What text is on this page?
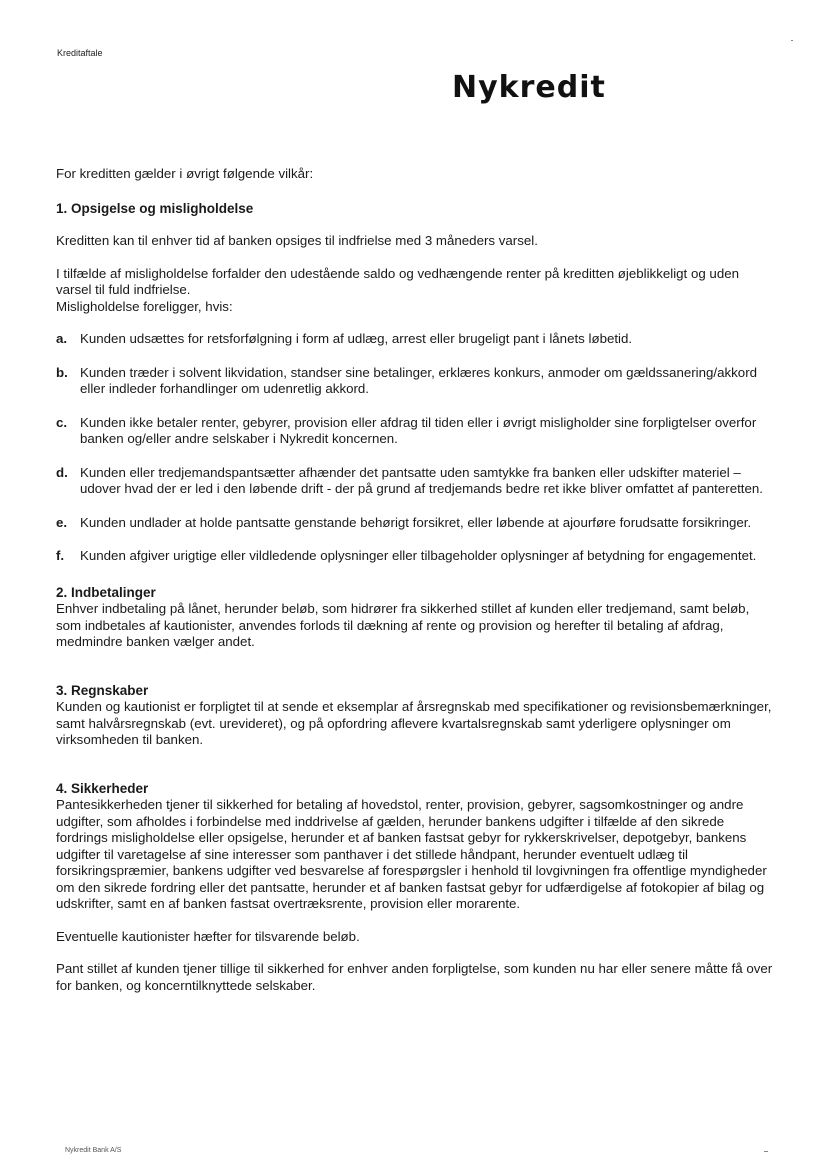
Kreditaftale
Nykredit

For kreditten gælder i øvrigt følgende vilkår:

1. Opsigelse og misligholdelse

Kreditten kan til enhver tid af banken opsiges til indfrielse med 3 måneders varsel.

I tilfælde af misligholdelse forfalder den udestående saldo og vedhængende renter på kreditten øjeblikkeligt og uden varsel til fuld indfrielse.

Misligholdelse foreligger, hvis:

a. Kunden udsættes for retsforfølgning i form af udlæg, arrest eller brugeligt pant i lånets løbetid.
b. Kunden træder i solvent likvidation, standser sine betalinger, erklæres konkurs, anmoder om gældssanering/akkord eller indleder forhandlinger om udenretlig akkord.
c. Kunden ikke betaler renter, gebyrer, provision eller afdrag til tiden eller i øvrigt misligholder sine forpligtelser overfor banken og/eller andre selskaber i Nykredit koncernen.
d. Kunden eller tredjemandspantsætter afhænder det pantsatte uden samtykke fra banken eller udskifter materiel – udover hvad der er led i den løbende drift - der på grund af tredjemands bedre ret ikke bliver omfattet af panteretten.
e. Kunden undlader at holde pantsatte genstande behørigt forsikret, eller løbende at ajourføre forudsatte forsikringer.
f.	Kunden afgiver urigtige eller vildledende oplysninger eller tilbageholder oplysninger af betydning for engagementet.
2. Indbetalinger

Enhver indbetaling på lånet, herunder beløb, som hidrører fra sikkerhed stillet af kunden eller tredjemand, samt beløb, som indbetales af kautionister, anvendes forlods til dækning af rente og provision og herefter til betaling af afdrag, medmindre banken vælger andet.

3. Regnskaber

Kunden og kautionist er forpligtet til at sende et eksemplar af årsregnskab med specifikationer og revisionsbemærkninger, samt halvårsregnskab (evt. urevideret), og på opfordring aflevere kvartalsregnskab samt yderligere oplysninger om virksomheden til banken.

4. Sikkerheder

Pantesikkerheden tjener til sikkerhed for betaling af hovedstol, renter, provision, gebyrer, sagsomkostninger og andre udgifter, som afholdes i forbindelse med inddrivelse af gælden, herunder bankens udgifter i tilfælde af den sikrede fordrings misligholdelse eller opsigelse, herunder et af banken fastsat gebyr for rykkerskrivelser, depotgebyr, bankens udgifter til varetagelse af sine interesser som panthaver i det stillede håndpant, herunder eventuelt udlæg til forsikringspræmier, bankens udgifter ved besvarelse af forespørgsler i henhold til lovgivningen fra offentlige myndigheder om den sikrede fordring eller det pantsatte, herunder et af banken fastsat gebyr for udfærdigelse af fotokopier af bilag og udskrifter, samt en af banken fastsat overtræksrente, provision eller morarente.

Eventuelle kautionister hæfter for tilsvarende beløb.

Pant stillet af kunden tjener tillige til sikkerhed for enhver anden forpligtelse, som kunden nu har eller senere måtte få over for banken, og koncerntilknyttede selskaber.

Nykredit Bank A/S
